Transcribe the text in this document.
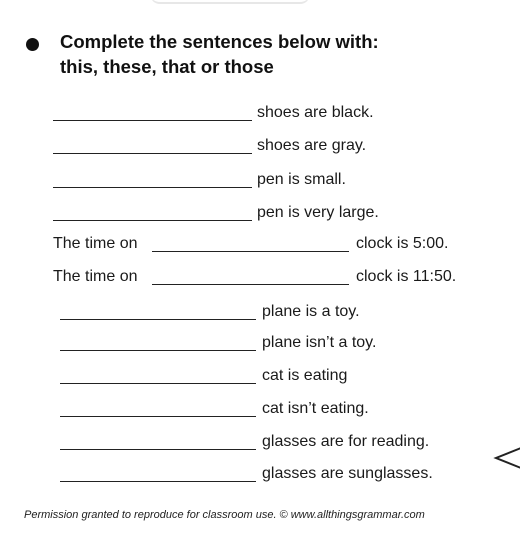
Complete the sentences below with:
this, these, that or those
shoes are black.
shoes are gray.
pen is small.
pen is very large.
The time on	clock is 5:00.
The time on	clock is 11:50.
plane is a toy.
plane isn’t a toy.
cat is eating
cat isn’t eating.
glasses are for reading.
glasses are sunglasses.
Permission granted to reproduce for classroom use. © www.allthingsgrammar.com
